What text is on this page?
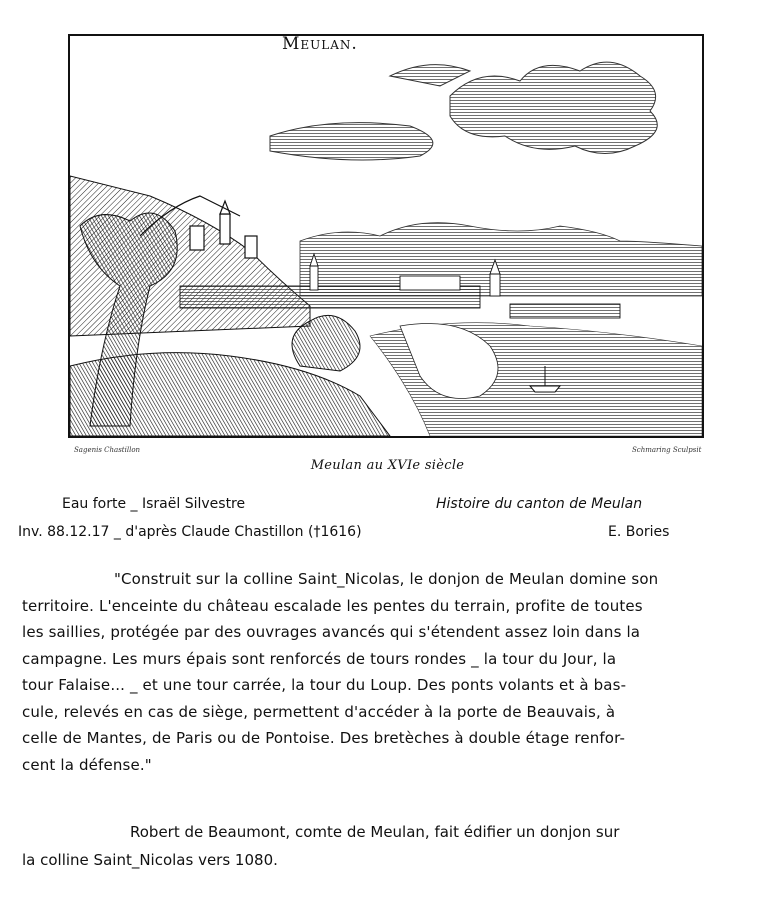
Meulan.
Sagenis Chastillon	Schmaring Sculpsit
Meulan au XVIe siècle
Eau forte _ Israël Silvestre
Inv. 88.12.17 _ d'après Claude Chastillon (†1616)
Histoire du canton de Meulan
E. Bories
"Construit sur la colline Saint_Nicolas, le donjon de Meulan domine son
territoire. L'enceinte du château escalade les pentes du terrain, profite de toutes
les saillies, protégée par des ouvrages avancés qui s'étendent assez loin dans la
campagne. Les murs épais sont renforcés de tours rondes _ la tour du Jour, la
tour Falaise... _ et une tour carrée, la tour du Loup. Des ponts volants et à bas-
cule, relevés en cas de siège, permettent d'accéder à la porte de Beauvais, à
celle de Mantes, de Paris ou de Pontoise. Des bretèches à double étage renfor-
cent la défense."
Robert de Beaumont, comte de Meulan, fait édifier un donjon sur
la colline Saint_Nicolas vers 1080.
